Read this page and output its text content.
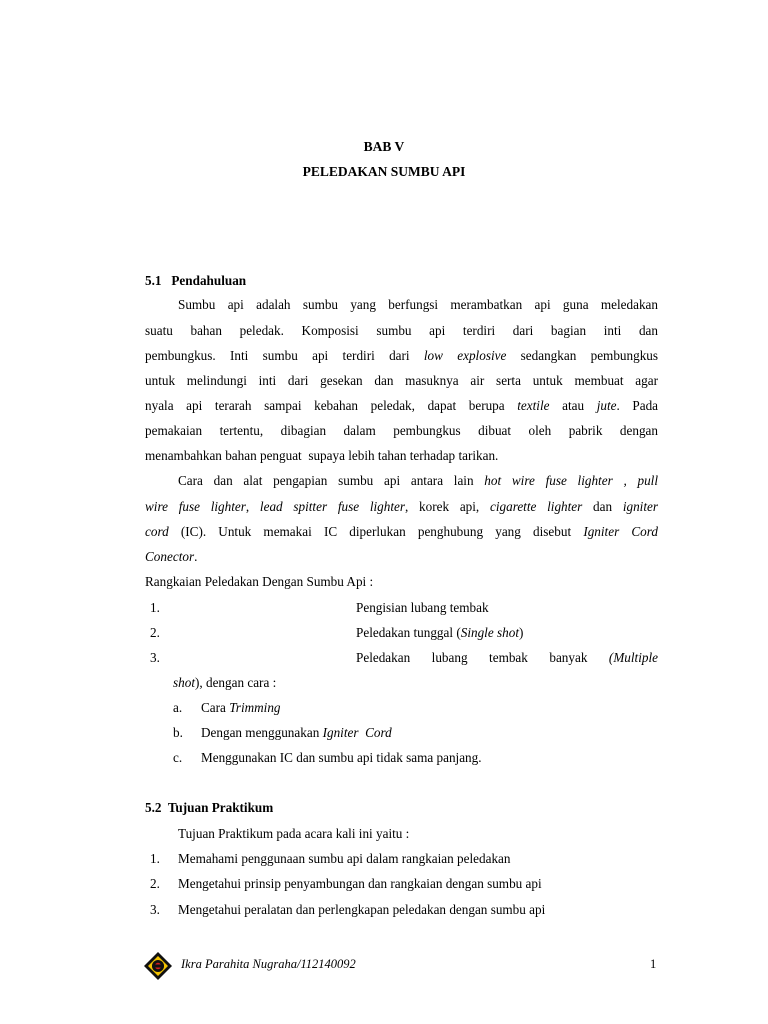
BAB V
PELEDAKAN SUMBU API
5.1   Pendahuluan
Sumbu api adalah sumbu yang berfungsi merambatkan api guna meledakan
suatu bahan peledak. Komposisi sumbu api terdiri dari bagian inti dan
pembungkus. Inti sumbu api terdiri dari low explosive sedangkan pembungkus
untuk melindungi inti dari gesekan dan masuknya air serta untuk membuat agar
nyala api terarah sampai kebahan peledak, dapat berupa textile atau jute. Pada
pemakaian tertentu, dibagian dalam pembungkus dibuat oleh pabrik dengan
menambahkan bahan penguat  supaya lebih tahan terhadap tarikan.
Cara dan alat pengapian sumbu api antara lain hot wire fuse lighter , pull
wire fuse lighter, lead spitter fuse lighter, korek api, cigarette lighter dan igniter
cord (IC). Untuk memakai IC diperlukan penghubung yang disebut Igniter Cord
Conector.
Rangkaian Peledakan Dengan Sumbu Api :
1.	Pengisian lubang tembak
2.	Peledakan tunggal (Single shot)
3.	Peledakan lubang tembak banyak (Multiple
shot), dengan cara :
a. Cara Trimming
b. Dengan menggunakan Igniter  Cord
c. Menggunakan IC dan sumbu api tidak sama panjang.
5.2  Tujuan Praktikum
Tujuan Praktikum pada acara kali ini yaitu :
1. Memahami penggunaan sumbu api dalam rangkaian peledakan
2. Mengetahui prinsip penyambungan dan rangkaian dengan sumbu api
3. Mengetahui peralatan dan perlengkapan peledakan dengan sumbu api
Ikra Parahita Nugraha/112140092	1
